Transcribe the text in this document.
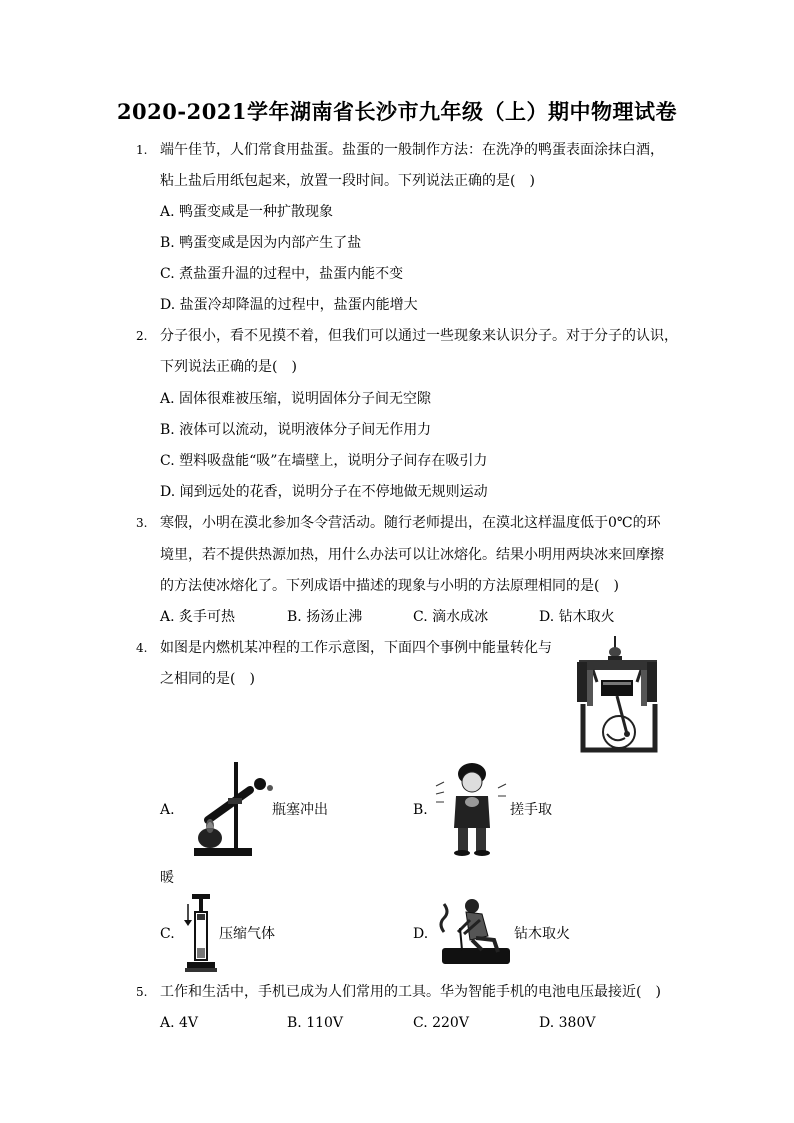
2020-2021学年湖南省长沙市九年级（上）期中物理试卷
1. 端午佳节，人们常食用盐蛋。盐蛋的一般制作方法：在洗净的鸭蛋表面涂抹白酒，
粘上盐后用纸包起来，放置一段时间。下列说法正确的是(　)
A. 鸭蛋变咸是一种扩散现象
B. 鸭蛋变咸是因为内部产生了盐
C. 煮盐蛋升温的过程中，盐蛋内能不变
D. 盐蛋冷却降温的过程中，盐蛋内能增大
2. 分子很小，看不见摸不着，但我们可以通过一些现象来认识分子。对于分子的认识，
下列说法正确的是(　)
A. 固体很难被压缩，说明固体分子间无空隙
B. 液体可以流动，说明液体分子间无作用力
C. 塑料吸盘能“吸”在墙壁上，说明分子间存在吸引力
D. 闻到远处的花香，说明分子在不停地做无规则运动
3. 寒假，小明在漠北参加冬令营活动。随行老师提出，在漠北这样温度低于0℃的环
境里，若不提供热源加热，用什么办法可以让冰熔化。结果小明用两块冰来回摩擦
的方法使冰熔化了。下列成语中描述的现象与小明的方法原理相同的是(　)
A. 炙手可热	B. 扬汤止沸	C. 滴水成冰	D. 钻木取火
4. 如图是内燃机某冲程的工作示意图，下面四个事例中能量转化与
之相同的是(　)
A.	瓶塞冲出	B.	搓手取
暖
C.	压缩气体	D.	钻木取火
5. 工作和生活中，手机已成为人们常用的工具。华为智能手机的电池电压最接近(　)
A. 4V	B. 110V	C. 220V	D. 380V
